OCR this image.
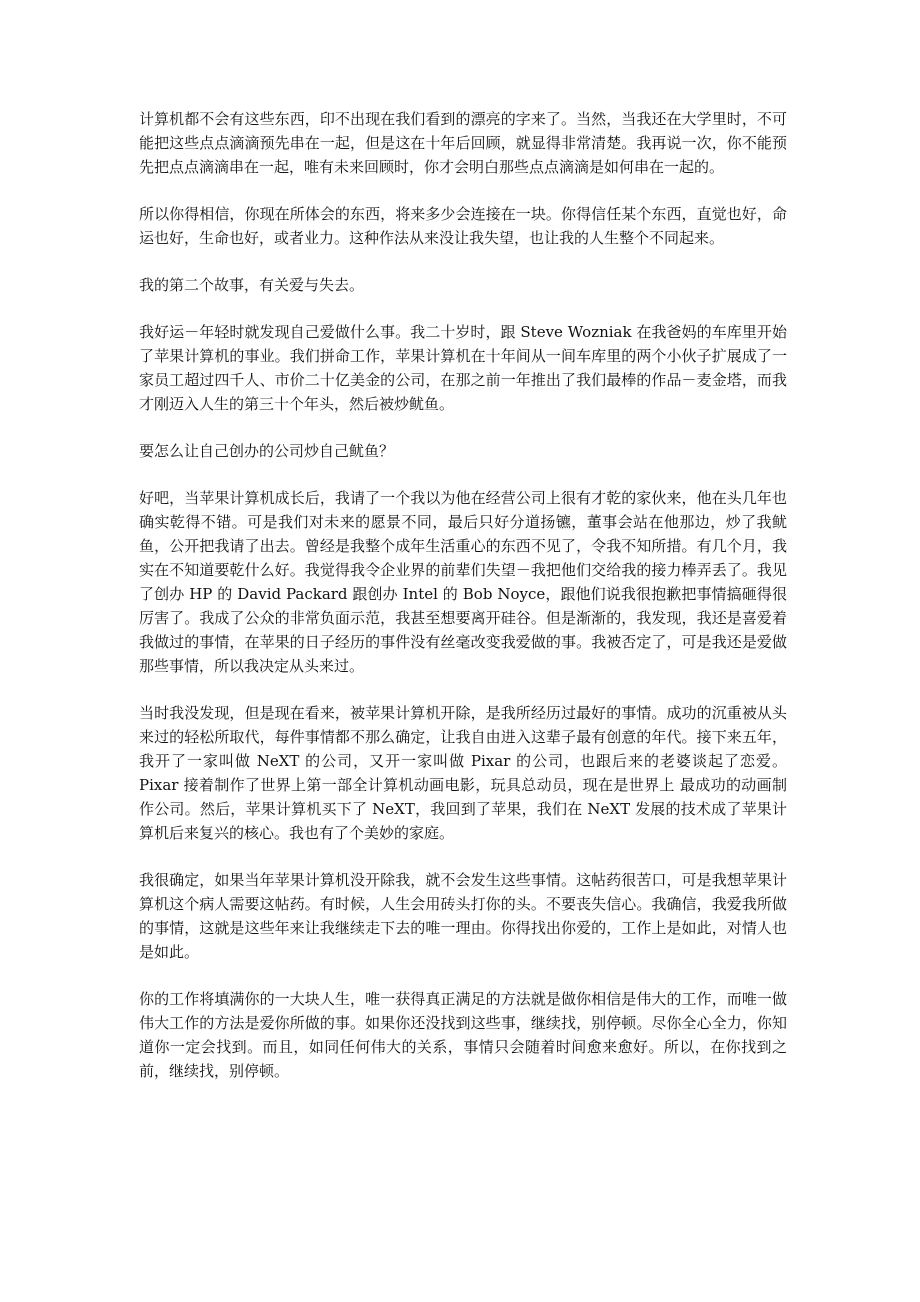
计算机都不会有这些东西，印不出现在我们看到的漂亮的字来了。当然，当我还在大学里时，不可能把这些点点滴滴预先串在一起，但是这在十年后回顾，就显得非常清楚。我再说一次，你不能预先把点点滴滴串在一起，唯有未来回顾时，你才会明白那些点点滴滴是如何串在一起的。

所以你得相信，你现在所体会的东西，将来多少会连接在一块。你得信任某个东西，直觉也好，命运也好，生命也好，或者业力。这种作法从来没让我失望，也让我的人生整个不同起来。

我的第二个故事，有关爱与失去。

我好运－年轻时就发现自己爱做什么事。我二十岁时，跟 Steve Wozniak 在我爸妈的车库里开始了苹果计算机的事业。我们拼命工作，苹果计算机在十年间从一间车库里的两个小伙子扩展成了一家员工超过四千人、市价二十亿美金的公司，在那之前一年推出了我们最棒的作品－麦金塔，而我才刚迈入人生的第三十个年头，然后被炒鱿鱼。

要怎么让自己创办的公司炒自己鱿鱼？

好吧，当苹果计算机成长后，我请了一个我以为他在经营公司上很有才乾的家伙来，他在头几年也确实乾得不错。可是我们对未来的愿景不同，最后只好分道扬镳，董事会站在他那边，炒了我鱿鱼，公开把我请了出去。曾经是我整个成年生活重心的东西不见了，令我不知所措。有几个月，我实在不知道要乾什么好。我觉得我令企业界的前辈们失望－我把他们交给我的接力棒弄丢了。我见了创办 HP 的 David Packard 跟创办 Intel 的 Bob Noyce，跟他们说我很抱歉把事情搞砸得很厉害了。我成了公众的非常负面示范，我甚至想要离开硅谷。但是渐渐的，我发现，我还是喜爱着我做过的事情，在苹果的日子经历的事件没有丝毫改变我爱做的事。我被否定了，可是我还是爱做那些事情，所以我决定从头来过。

当时我没发现，但是现在看来，被苹果计算机开除，是我所经历过最好的事情。成功的沉重被从头来过的轻松所取代，每件事情都不那么确定，让我自由进入这辈子最有创意的年代。接下来五年，我开了一家叫做 NeXT 的公司，又开一家叫做 Pixar 的公司，也跟后来的老婆谈起了恋爱。Pixar 接着制作了世界上第一部全计算机动画电影，玩具总动员，现在是世界上 最成功的动画制作公司。然后，苹果计算机买下了 NeXT，我回到了苹果，我们在 NeXT 发展的技术成了苹果计算机后来复兴的核心。我也有了个美妙的家庭。

我很确定，如果当年苹果计算机没开除我，就不会发生这些事情。这帖药很苦口，可是我想苹果计算机这个病人需要这帖药。有时候，人生会用砖头打你的头。不要丧失信心。我确信，我爱我所做的事情，这就是这些年来让我继续走下去的唯一理由。你得找出你爱的，工作上是如此，对情人也是如此。

你的工作将填满你的一大块人生，唯一获得真正满足的方法就是做你相信是伟大的工作，而唯一做伟大工作的方法是爱你所做的事。如果你还没找到这些事，继续找，别停顿。尽你全心全力，你知道你一定会找到。而且，如同任何伟大的关系，事情只会随着时间愈来愈好。所以，在你找到之前，继续找，别停顿。
